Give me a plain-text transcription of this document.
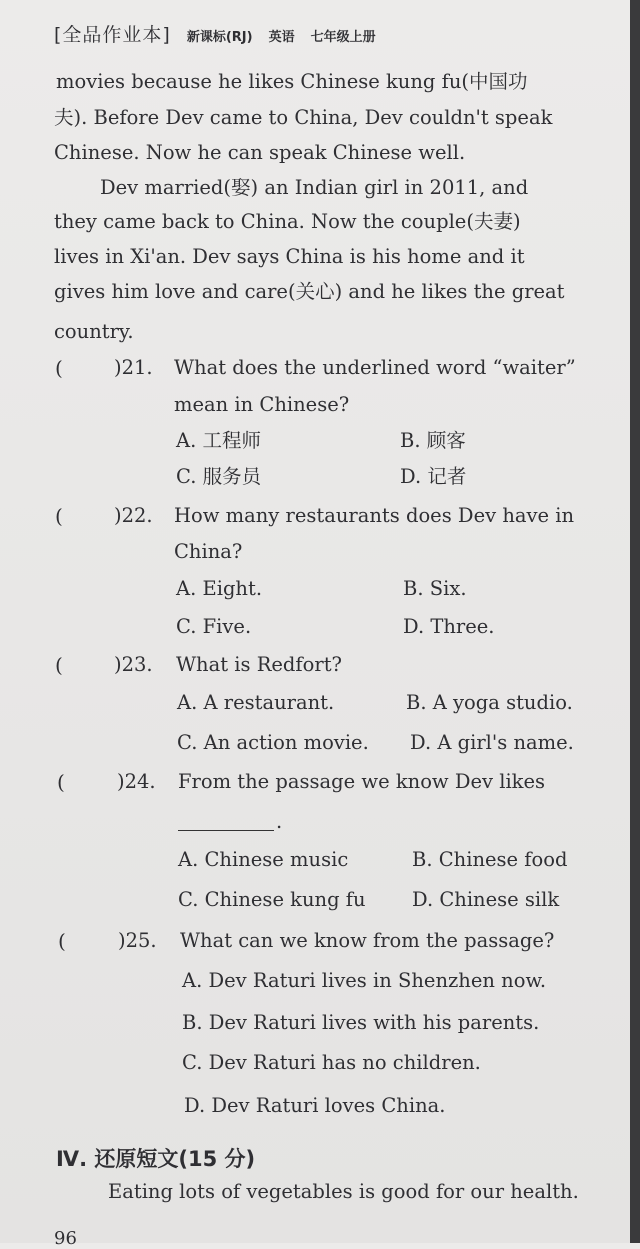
[全品作业本] 新课标(RJ) 英语 七年级上册
movies because he likes Chinese kung fu(中国功
夫). Before Dev came to China, Dev couldn't speak
Chinese. Now he can speak Chinese well.
Dev married(娶) an Indian girl in 2011, and
they came back to China. Now the couple(夫妻)
lives in Xi'an. Dev says China is his home and it
gives him love and care(关心) and he likes the great
country.
(	)21. What does the underlined word “waiter”
mean in Chinese?
A. 工程师	B. 顾客
C. 服务员	D. 记者
(	)22. How many restaurants does Dev have in
China?
A. Eight.	B. Six.
C. Five.	D. Three.
(	)23. What is Redfort?
A. A restaurant.	B. A yoga studio.
C. An action movie. D. A girl's name.
(	)24. From the passage we know Dev likes
.
A. Chinese music	B. Chinese food
C. Chinese kung fu D. Chinese silk
(	)25. What can we know from the passage?
A. Dev Raturi lives in Shenzhen now.
B. Dev Raturi lives with his parents.
C. Dev Raturi has no children.
D. Dev Raturi loves China.
Ⅳ. 还原短文(15 分)
Eating lots of vegetables is good for our health.
96
